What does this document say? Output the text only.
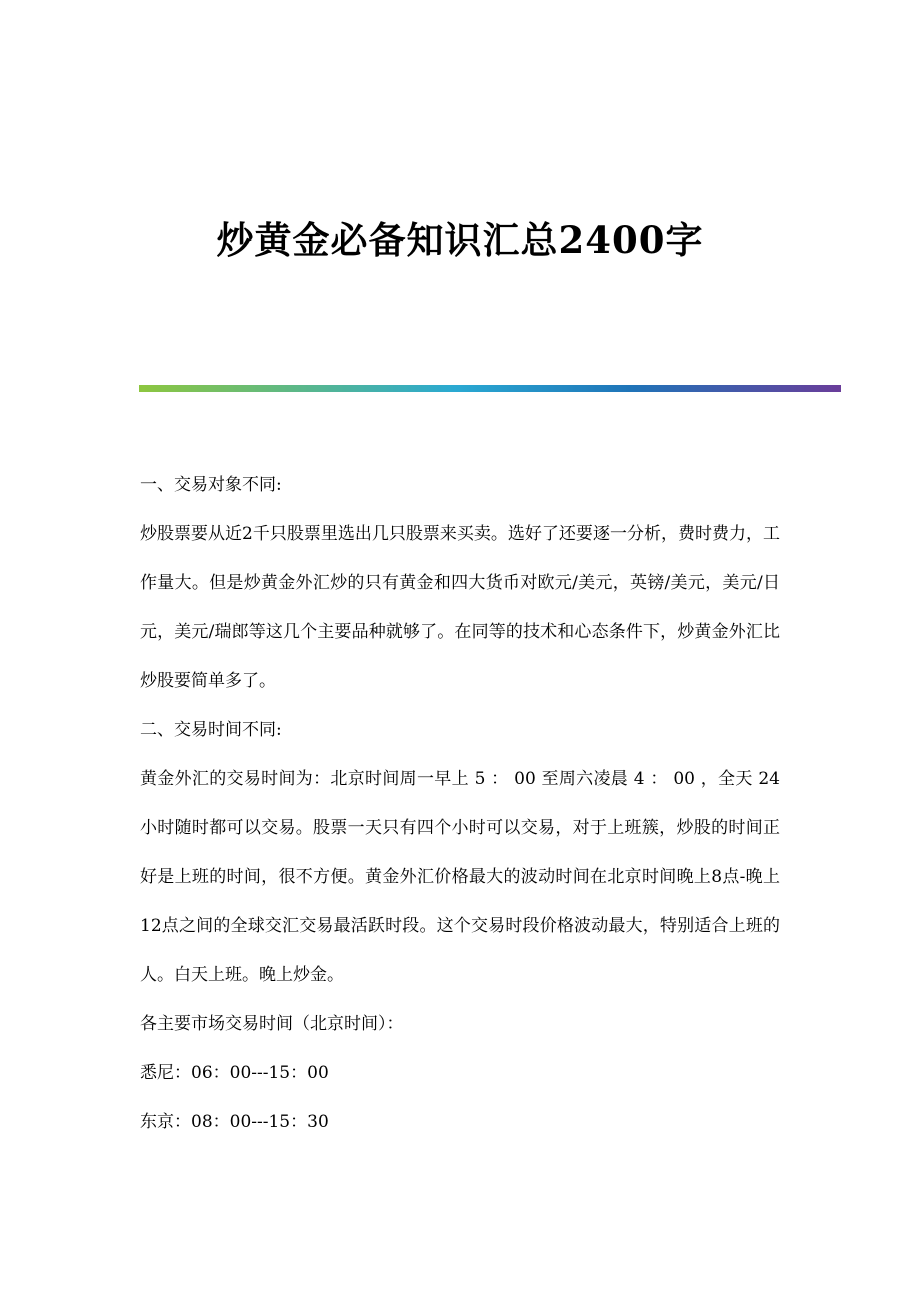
炒黄金必备知识汇总2400字

一、交易对象不同:

炒股票要从近2千只股票里选出几只股票来买卖。选好了还要逐一分析，费时费力，工作量大。但是炒黄金外汇炒的只有黄金和四大货币对欧元/美元，英镑/美元，美元/日元，美元/瑞郎等这几个主要品种就够了。在同等的技术和心态条件下，炒黄金外汇比炒股要简单多了。

二、交易时间不同:

黄金外汇的交易时间为：北京时间周一早上 5 ： 00 至周六凌晨 4 ： 00 ，全天 24 小时随时都可以交易。股票一天只有四个小时可以交易，对于上班簇，炒股的时间正好是上班的时间，很不方便。黄金外汇价格最大的波动时间在北京时间晚上8点-晚上12点之间的全球交汇交易最活跃时段。这个交易时段价格波动最大，特别适合上班的人。白天上班。晚上炒金。

各主要市场交易时间（北京时间）：

悉尼：06：00---15：00

东京：08：00---15：30
